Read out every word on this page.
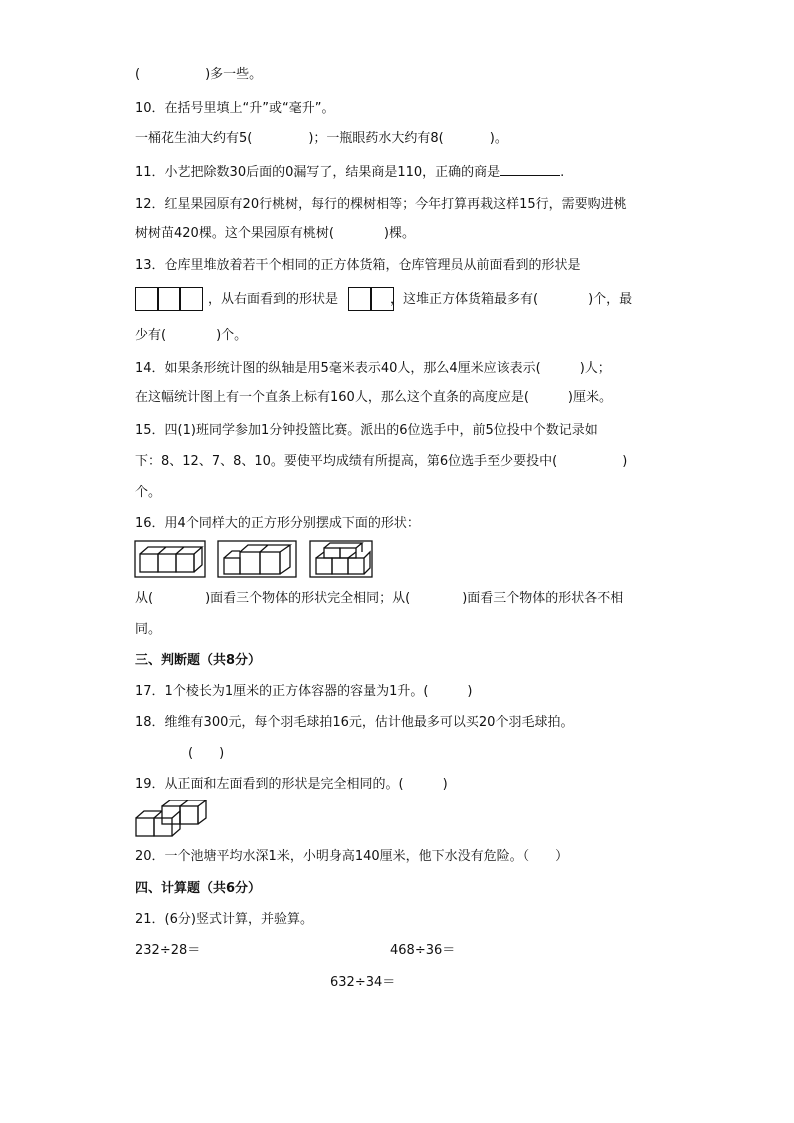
(　　　　　)多一些。
10．在括号里填上“升”或“毫升”。
一桶花生油大约有5(	)；一瓶眼药水大约有8(	)。
11．小艺把除数30后面的0漏写了，结果商是110，正确的商是	.
12．红星果园原有20行桃树，每行的棵树相等；今年打算再栽这样15行，需要购进桃
树树苗420棵。这个果园原有桃树(	)棵。
13．仓库里堆放着若干个相同的正方体货箱，仓库管理员从前面看到的形状是
，从右面看到的形状是	，这堆正方体货箱最多有(	)个，最
少有(	)个。
14．如果条形统计图的纵轴是用5毫米表示40人，那么4厘米应该表示(　　　)人；
在这幅统计图上有一个直条上标有160人，那么这个直条的高度应是(　　　)厘米。
15．四(1)班同学参加1分钟投篮比赛。派出的6位选手中，前5位投中个数记录如
下：8、12、7、8、10。要使平均成绩有所提高，第6位选手至少要投中(　　　　　)
个。
16．用4个同样大的正方形分别摆成下面的形状：
从(　　　　)面看三个物体的形状完全相同；从(　　　　)面看三个物体的形状各不相
同。
三、判断题（共8分）
17．1个棱长为1厘米的正方体容器的容量为1升。(　　　)
18．维维有300元，每个羽毛球拍16元，估计他最多可以买20个羽毛球拍。
(　　)
19．从正面和左面看到的形状是完全相同的。(　　　)
20．一个池塘平均水深1米，小明身高140厘米，他下水没有危险。（　　）
四、计算题（共6分）
21．(6分)竖式计算，并验算。
232÷28＝	468÷36＝
632÷34＝
